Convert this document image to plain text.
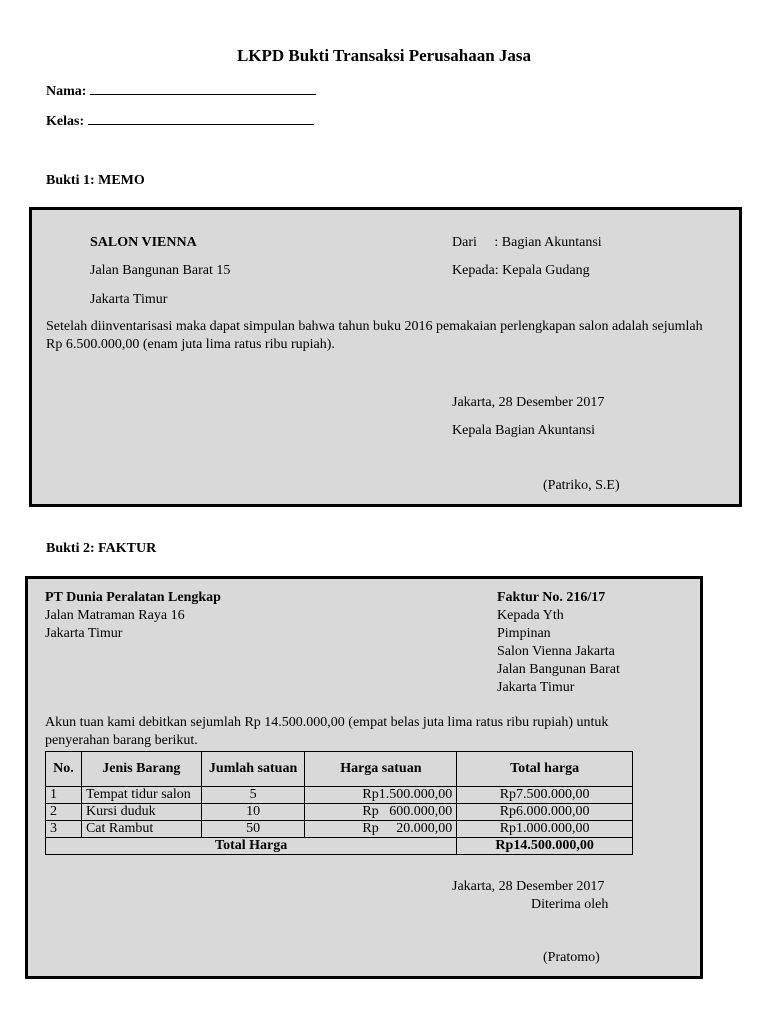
LKPD Bukti Transaksi Perusahaan Jasa
Nama:
Kelas:
Bukti 1: MEMO
SALON VIENNA
Jalan Bangunan Barat 15
Jakarta Timur
Dari     : Bagian Akuntansi
Kepada: Kepala Gudang
Setelah diinventarisasi maka dapat simpulan bahwa tahun buku 2016 pemakaian perlengkapan salon adalah sejumlah Rp 6.500.000,00 (enam juta lima ratus ribu rupiah).
Jakarta, 28 Desember 2017
Kepala Bagian Akuntansi
(Patriko, S.E)
Bukti 2: FAKTUR
PT Dunia Peralatan Lengkap
Jalan Matraman Raya 16
Jakarta Timur
Faktur No. 216/17
Kepada Yth
Pimpinan
Salon Vienna Jakarta
Jalan Bangunan Barat
Jakarta Timur
Akun tuan kami debitkan sejumlah Rp 14.500.000,00 (empat belas juta lima ratus ribu rupiah) untuk penyerahan barang berikut.
No.	Jenis Barang	Jumlah satuan	Harga satuan	Total harga
1	Tempat tidur salon	5	Rp1.500.000,00	Rp7.500.000,00
2	Kursi duduk	10	Rp   600.000,00	Rp6.000.000,00
3	Cat Rambut	50	Rp     20.000,00	Rp1.000.000,00
Total Harga				Rp14.500.000,00
Jakarta, 28 Desember 2017
Diterima oleh
(Pratomo)
